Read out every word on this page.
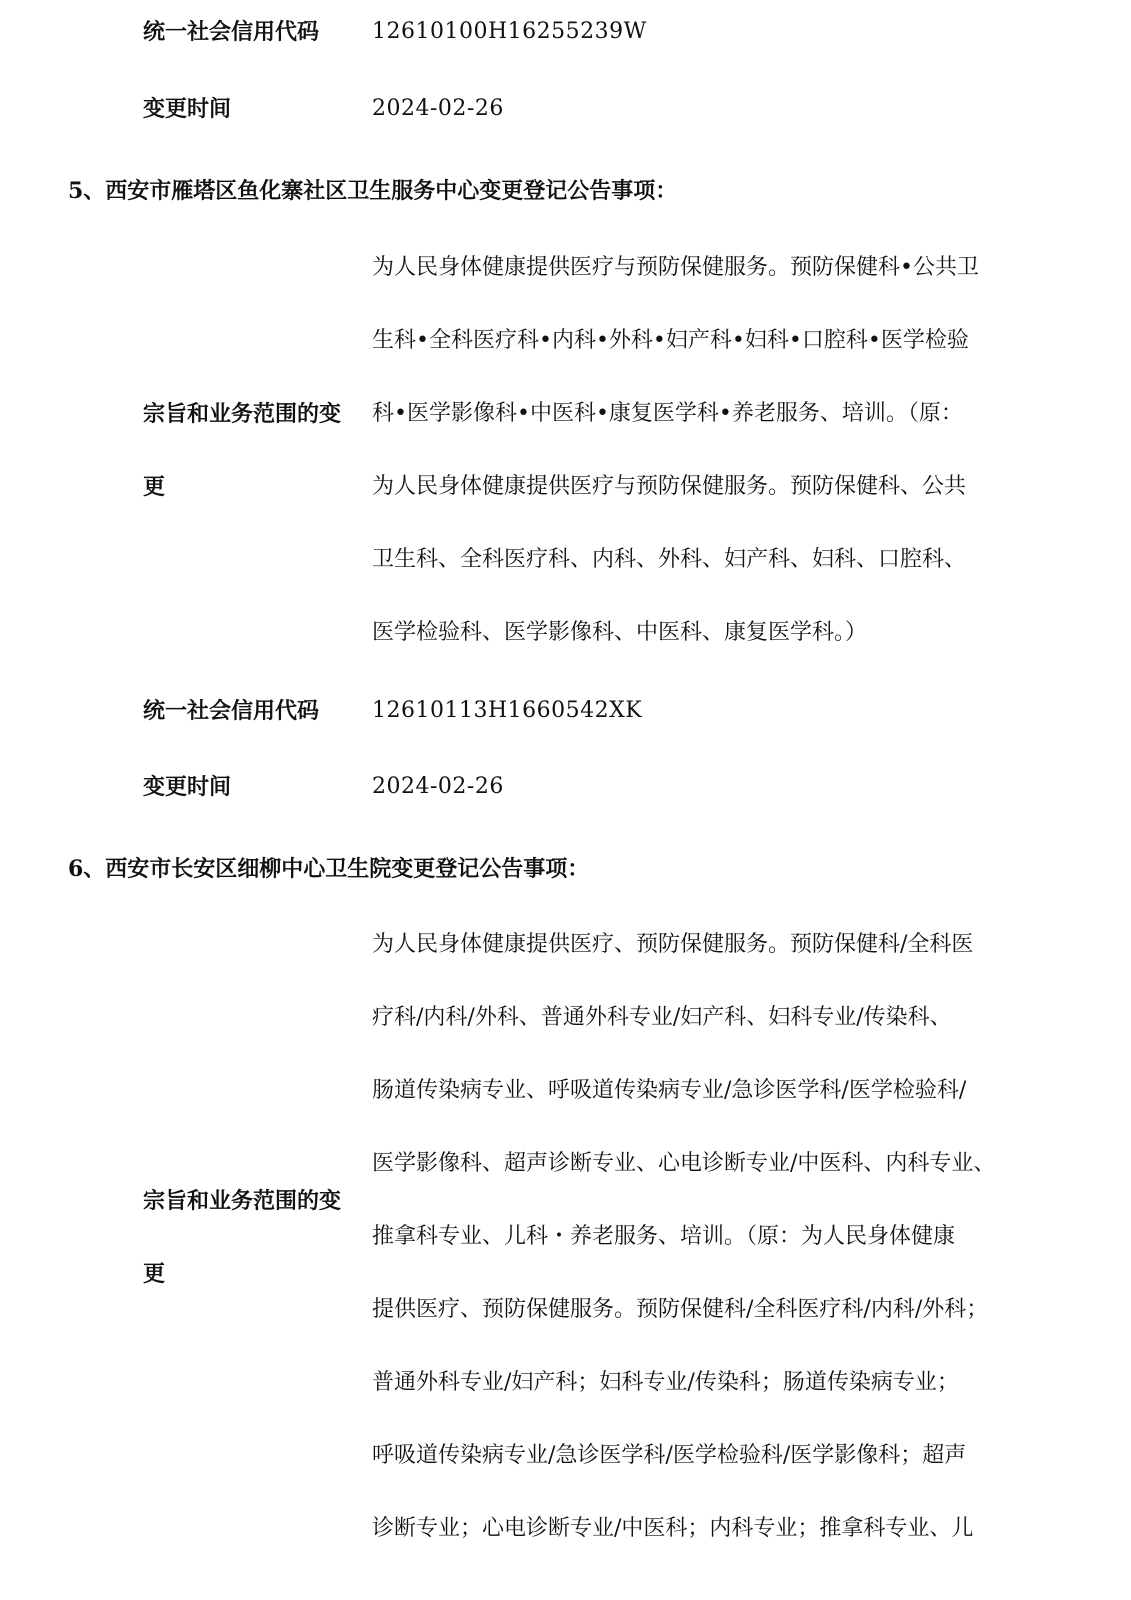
统一社会信用代码 12610100H16255239W
变更时间	2024-02-26
5、西安市雁塔区鱼化寨社区卫生服务中心变更登记公告事项：
为人民身体健康提供医疗与预防保健服务。预防保健科•公共卫
生科•全科医疗科•内科•外科•妇产科•妇科•口腔科•医学检验
科•医学影像科•中医科•康复医学科•养老服务、培训。（原：
为人民身体健康提供医疗与预防保健服务。预防保健科、公共
卫生科、全科医疗科、内科、外科、妇产科、妇科、口腔科、
医学检验科、医学影像科、中医科、康复医学科。）
宗旨和业务范围的变
更
统一社会信用代码 12610113H1660542XK
变更时间	2024-02-26
6、西安市长安区细柳中心卫生院变更登记公告事项：
为人民身体健康提供医疗、预防保健服务。预防保健科/全科医
疗科/内科/外科、普通外科专业/妇产科、妇科专业/传染科、
肠道传染病专业、呼吸道传染病专业/急诊医学科/医学检验科/
医学影像科、超声诊断专业、心电诊断专业/中医科、内科专业、
推拿科专业、儿科・养老服务、培训。（原：为人民身体健康
提供医疗、预防保健服务。预防保健科/全科医疗科/内科/外科；
普通外科专业/妇产科；妇科专业/传染科；肠道传染病专业；
呼吸道传染病专业/急诊医学科/医学检验科/医学影像科；超声
诊断专业；心电诊断专业/中医科；内科专业；推拿科专业、儿
宗旨和业务范围的变
更
